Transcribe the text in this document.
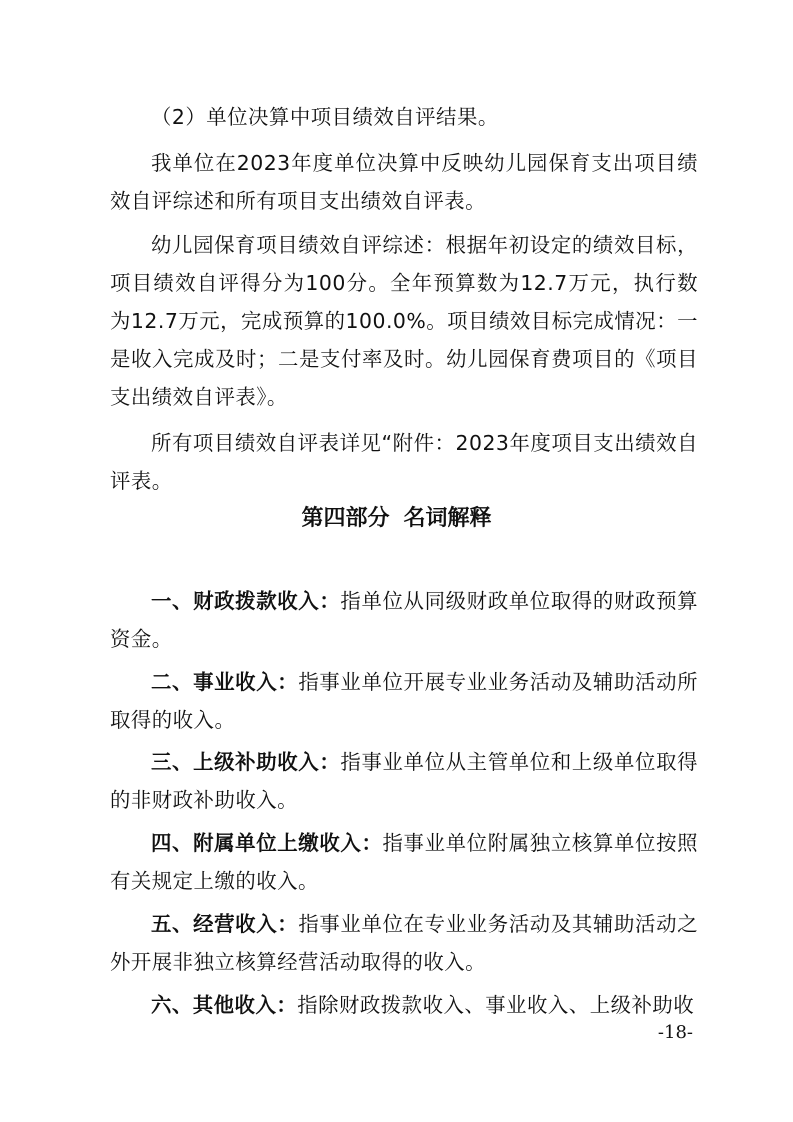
（2）单位决算中项目绩效自评结果。

我单位在2023年度单位决算中反映幼儿园保育支出项目绩效自评综述和所有项目支出绩效自评表。

幼儿园保育项目绩效自评综述：根据年初设定的绩效目标，项目绩效自评得分为100分。全年预算数为12.7万元，执行数为12.7万元，完成预算的100.0%。项目绩效目标完成情况：一是收入完成及时；二是支付率及时。幼儿园保育费项目的《项目支出绩效自评表》。

所有项目绩效自评表详见“附件：2023年度项目支出绩效自评表。

第四部分 名词解释

一、财政拨款收入：指单位从同级财政单位取得的财政预算资金。

二、事业收入：指事业单位开展专业业务活动及辅助活动所取得的收入。

三、上级补助收入：指事业单位从主管单位和上级单位取得的非财政补助收入。

四、附属单位上缴收入：指事业单位附属独立核算单位按照有关规定上缴的收入。

五、经营收入：指事业单位在专业业务活动及其辅助活动之外开展非独立核算经营活动取得的收入。

六、其他收入：指除财政拨款收入、事业收入、上级补助收

-18-
